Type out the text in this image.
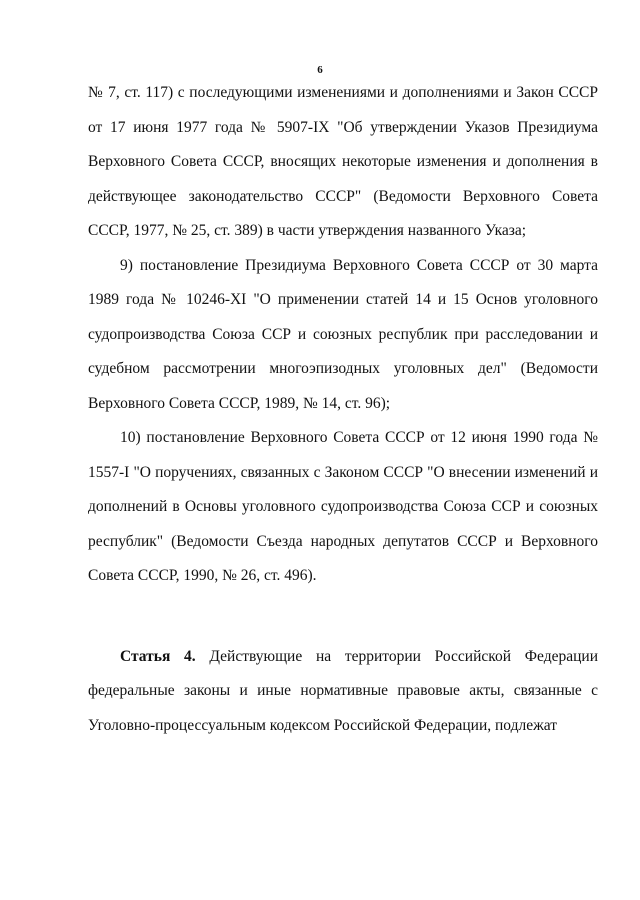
6

№ 7, ст. 117) с последующими изменениями и дополнениями и Закон СССР от 17 июня 1977 года № 5907-IX "Об утверждении Указов Президиума Верховного Совета СССР, вносящих некоторые изменения и дополнения в действующее законодательство СССР" (Ведомости Верховного Совета СССР, 1977, № 25, ст. 389) в части утверждения названного Указа;

9) постановление Президиума Верховного Совета СССР от 30 марта 1989 года № 10246-XI "О применении статей 14 и 15 Основ уголовного судопроизводства Союза ССР и союзных республик при расследовании и судебном рассмотрении многоэпизодных уголовных дел" (Ведомости Верховного Совета СССР, 1989, № 14, ст. 96);

10) постановление Верховного Совета СССР от 12 июня 1990 года № 1557-I "О поручениях, связанных с Законом СССР "О внесении изменений и дополнений в Основы уголовного судопроизводства Союза ССР и союзных республик" (Ведомости Съезда народных депутатов СССР и Верховного Совета СССР, 1990, № 26, ст. 496).

Статья 4. Действующие на территории Российской Федерации федеральные законы и иные нормативные правовые акты, связанные с Уголовно-процессуальным кодексом Российской Федерации, подлежат
